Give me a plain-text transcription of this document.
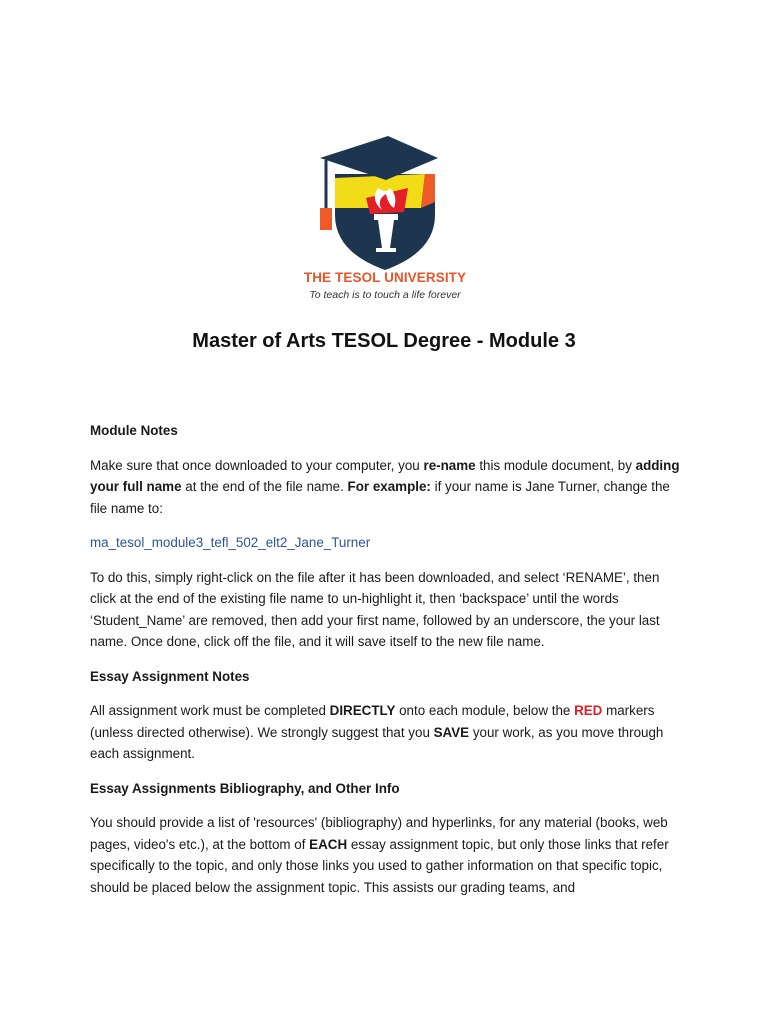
THE TESOL UNIVERSITY
To teach is to touch a life forever
Master of Arts TESOL Degree - Module 3
Module Notes
Make sure that once downloaded to your computer, you re-name this module document, by adding your full name at the end of the file name. For example: if your name is Jane Turner, change the file name to:
ma_tesol_module3_tefl_502_elt2_Jane_Turner
To do this, simply right-click on the file after it has been downloaded, and select ‘RENAME’, then click at the end of the existing file name to un-highlight it, then ‘backspace’ until the words ‘Student_Name’ are removed, then add your first name, followed by an underscore, the your last name. Once done, click off the file, and it will save itself to the new file name.
Essay Assignment Notes
All assignment work must be completed DIRECTLY onto each module, below the RED markers (unless directed otherwise). We strongly suggest that you SAVE your work, as you move through each assignment.
Essay Assignments Bibliography, and Other Info
You should provide a list of 'resources' (bibliography) and hyperlinks, for any material (books, web pages, video's etc.), at the bottom of EACH essay assignment topic, but only those links that refer specifically to the topic, and only those links you used to gather information on that specific topic, should be placed below the assignment topic. This assists our grading teams, and
